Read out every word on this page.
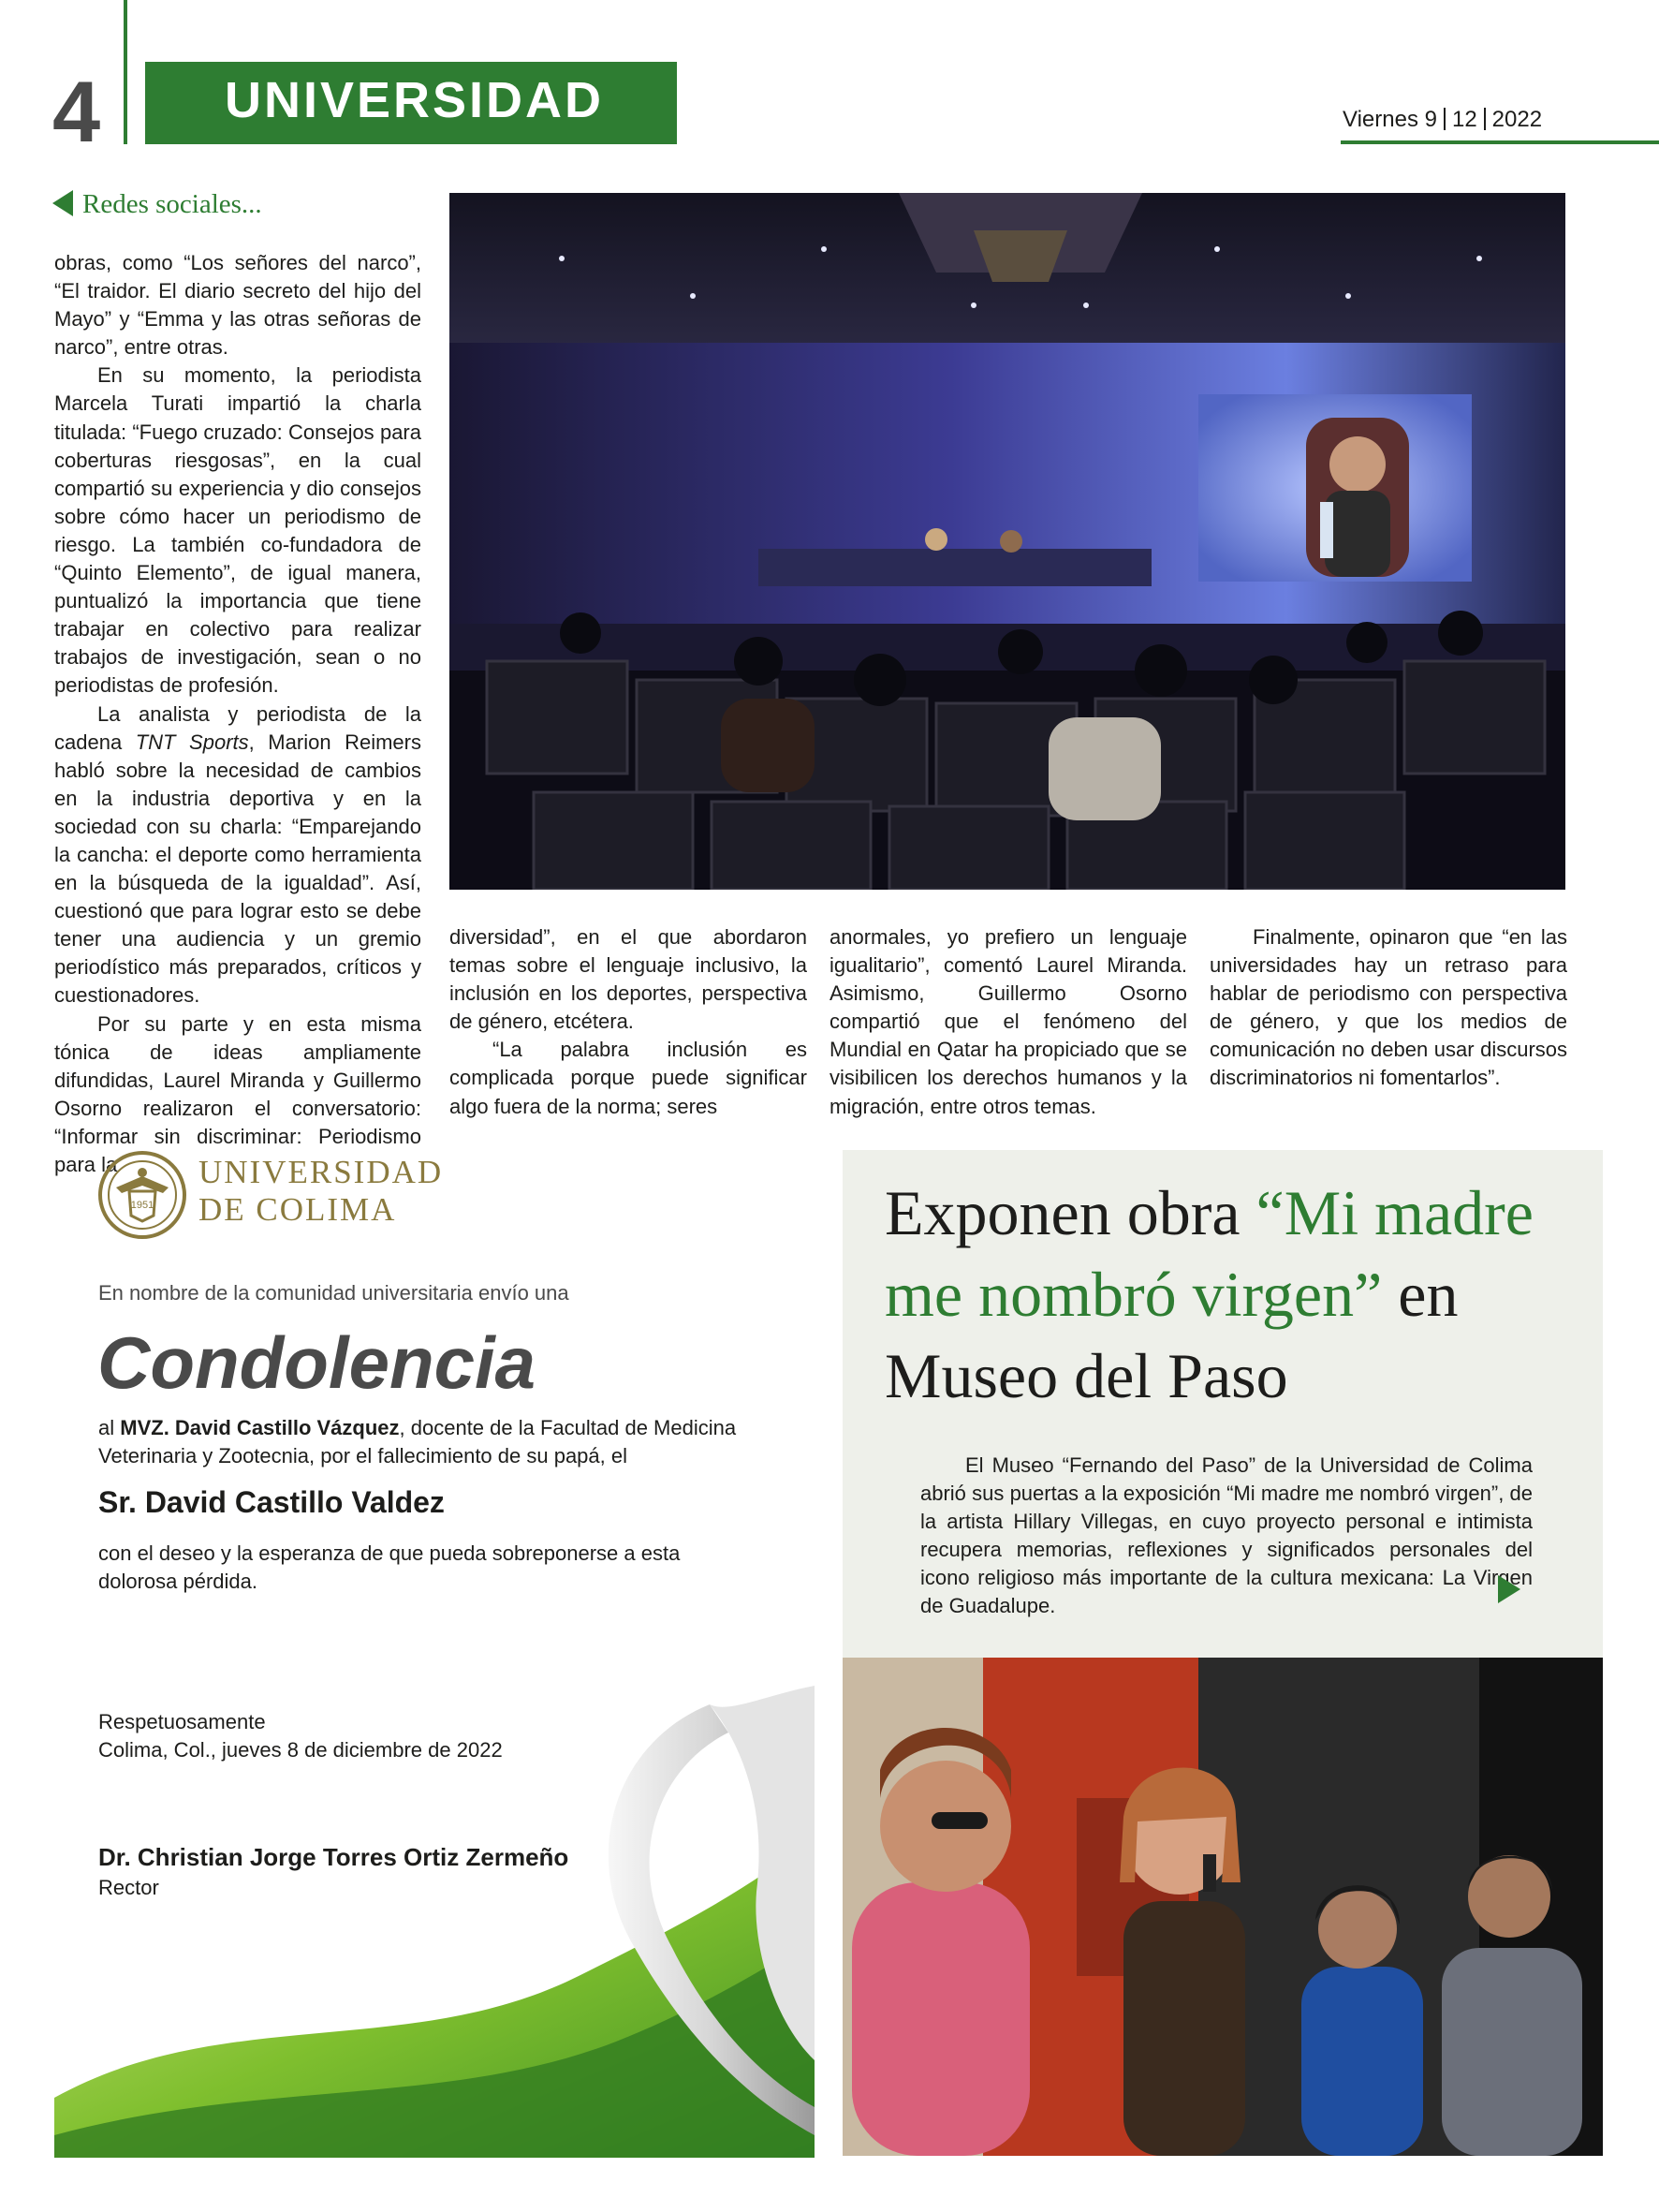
4 UNIVERSIDAD	Viernes 9 12 2022
Redes sociales...

obras, como “Los señores del narco”, “El traidor. El diario secreto del hijo del Mayo” y “Emma y las otras señoras de narco”, entre otras.

En su momento, la periodista Marcela Turati impartió la charla titulada: “Fuego cruzado: Consejos para coberturas riesgosas”, en la cual compartió su experiencia y dio consejos sobre cómo hacer un periodismo de riesgo. La también co-fundadora de “Quinto Elemento”, de igual manera, puntualizó la importancia que tiene trabajar en colectivo para realizar trabajos de investigación, sean o no periodistas de profesión.

La analista y periodista de la cadena TNT Sports, Marion Reimers habló sobre la necesidad de cambios en la industria deportiva y en la sociedad con su charla: “Emparejando la cancha: el deporte como herramienta en la búsqueda de la igualdad”. Así, cuestionó que para lograr esto se debe tener una audiencia y un gremio periodístico más preparados, críticos y cuestionadores.

Por su parte y en esta misma tónica de ideas ampliamente difundidas, Laurel Miranda y Guillermo Osorno realizaron el conversatorio: “Informar sin discriminar: Periodismo para la

diversidad”, en el que abordaron temas sobre el lenguaje inclusivo, la inclusión en los deportes, perspectiva de género, etcétera.

“La palabra inclusión es complicada porque puede significar algo fuera de la norma; seres

anormales, yo prefiero un lenguaje igualitario”, comentó Laurel Miranda. Asimismo, Guillermo Osorno compartió que el fenómeno del Mundial en Qatar ha propiciado que se visibilicen los derechos humanos y la migración, entre otros temas.

Finalmente, opinaron que “en las universidades hay un retraso para hablar de periodismo con perspectiva de género, y que los medios de comunicación no deben usar discursos discriminatorios ni fomentarlos”.

1951
UNIVERSIDAD
DE COLIMA
En nombre de la comunidad universitaria envío una
Condolencia
al MVZ. David Castillo Vázquez, docente de la Facultad de Medicina Veterinaria y Zootecnia, por el fallecimiento de su papá, el
Sr. David Castillo Valdez
con el deseo y la esperanza de que pueda sobreponerse a esta dolorosa pérdida.
Respetuosamente
Colima, Col., jueves 8 de diciembre de 2022
Dr. Christian Jorge Torres Ortiz Zermeño
Rector
Exponen obra “Mi madre me nombró virgen” en Museo del Paso

El Museo “Fernando del Paso” de la Universidad de Colima abrió sus puertas a la exposición “Mi madre me nombró virgen”, de la artista Hillary Villegas, en cuyo proyecto personal e intimista recupera memorias, reflexiones y significados personales del icono religioso más importante de la cultura mexicana: La Virgen de Guadalupe.
